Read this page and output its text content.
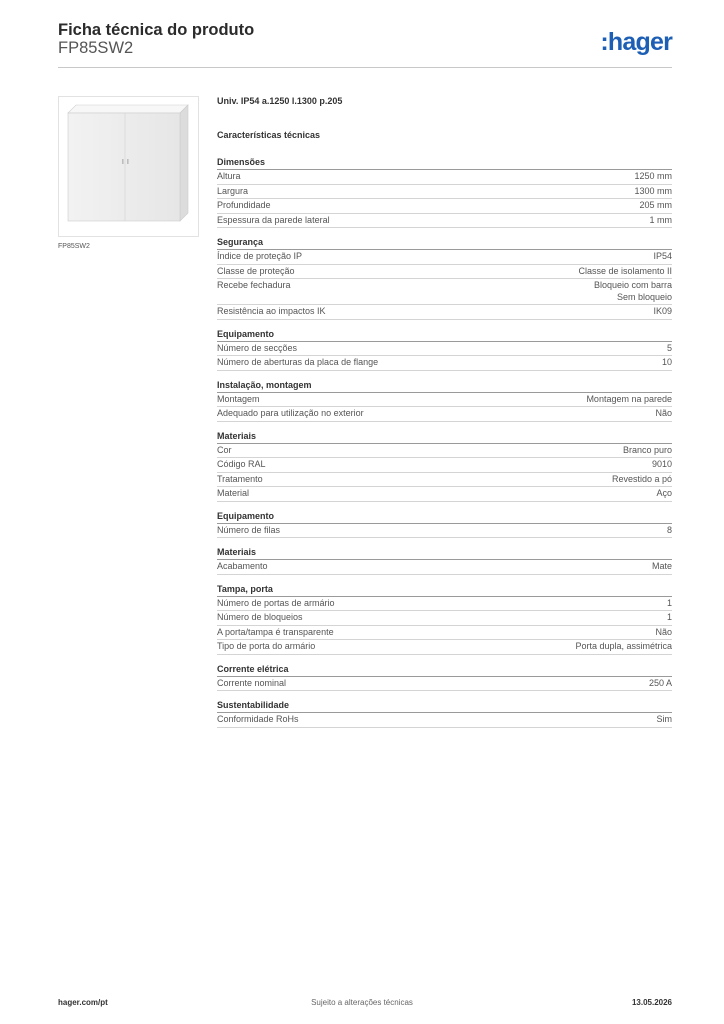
Ficha técnica do produto
FP85SW2	:hager
FP85SW2
Univ. IP54 a.1250 l.1300 p.205
Características técnicas
Dimensões
Altura	1250 mm
Largura	1300 mm
Profundidade	205 mm
Espessura da parede lateral	1 mm
Segurança
Índice de proteção IP	IP54
Classe de proteção	Classe de isolamento II
Recebe fechadura	Bloqueio com barra
Sem bloqueio
Resistência ao impactos IK	IK09
Equipamento
Número de secções	5
Número de aberturas da placa de flange	10
Instalação, montagem
Montagem	Montagem na parede
Adequado para utilização no exterior	Não
Materiais
Cor	Branco puro
Código RAL	9010
Tratamento	Revestido a pó
Material	Aço
Equipamento
Número de filas	8
Materiais
Acabamento	Mate
Tampa, porta
Número de portas de armário	1
Número de bloqueios	1
A porta/tampa é transparente	Não
Tipo de porta do armário	Porta dupla, assimétrica
Corrente elétrica
Corrente nominal	250 A
Sustentabilidade
Conformidade RoHs	Sim
hager.com/pt	Sujeito a alterações técnicas	13.05.2026
